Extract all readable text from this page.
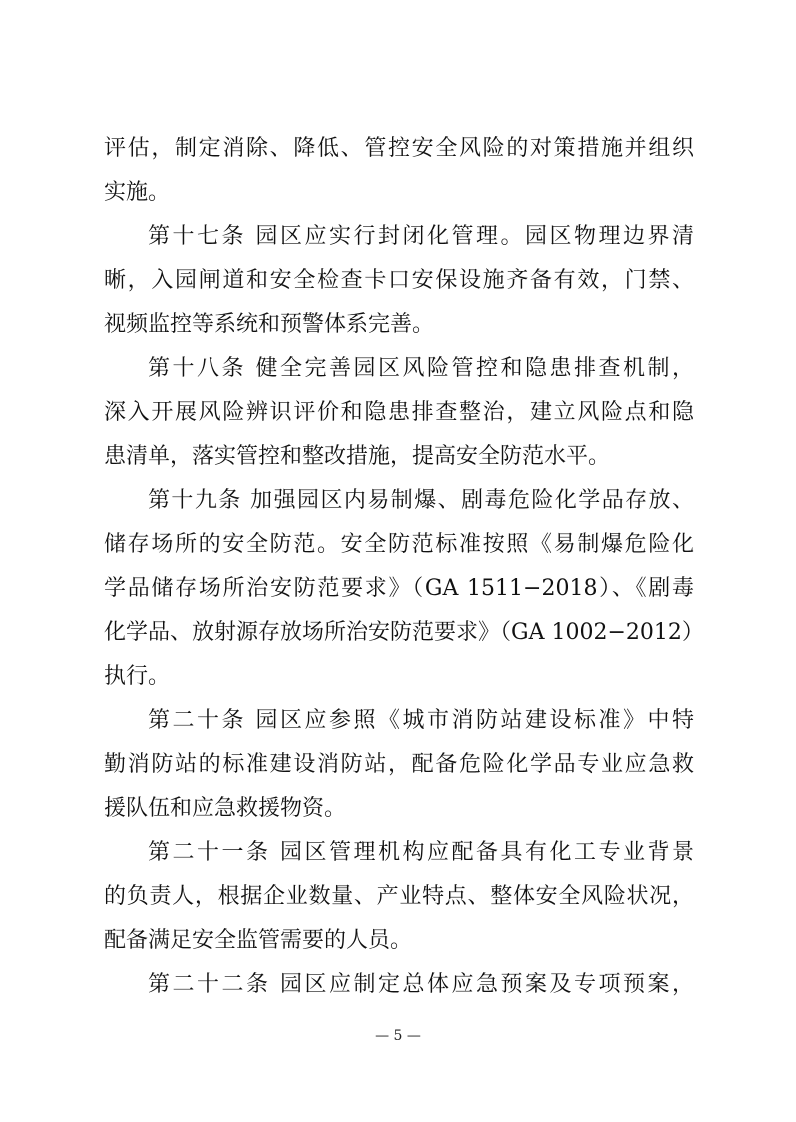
评估，制定消除、降低、管控安全风险的对策措施并组织
实施。
第十七条 园区应实行封闭化管理。园区物理边界清
晰，入园闸道和安全检查卡口安保设施齐备有效，门禁、
视频监控等系统和预警体系完善。
第十八条 健全完善园区风险管控和隐患排查机制，
深入开展风险辨识评价和隐患排查整治，建立风险点和隐
患清单，落实管控和整改措施，提高安全防范水平。
第十九条 加强园区内易制爆、剧毒危险化学品存放、
储存场所的安全防范。安全防范标准按照《易制爆危险化
学品储存场所治安防范要求》（GA 1511−2018）、《剧毒
化学品、放射源存放场所治安防范要求》（GA 1002−2012）
执行。
第二十条 园区应参照《城市消防站建设标准》中特
勤消防站的标准建设消防站，配备危险化学品专业应急救
援队伍和应急救援物资。
第二十一条 园区管理机构应配备具有化工专业背景
的负责人，根据企业数量、产业特点、整体安全风险状况，
配备满足安全监管需要的人员。
第二十二条 园区应制定总体应急预案及专项预案，
— 5 —
